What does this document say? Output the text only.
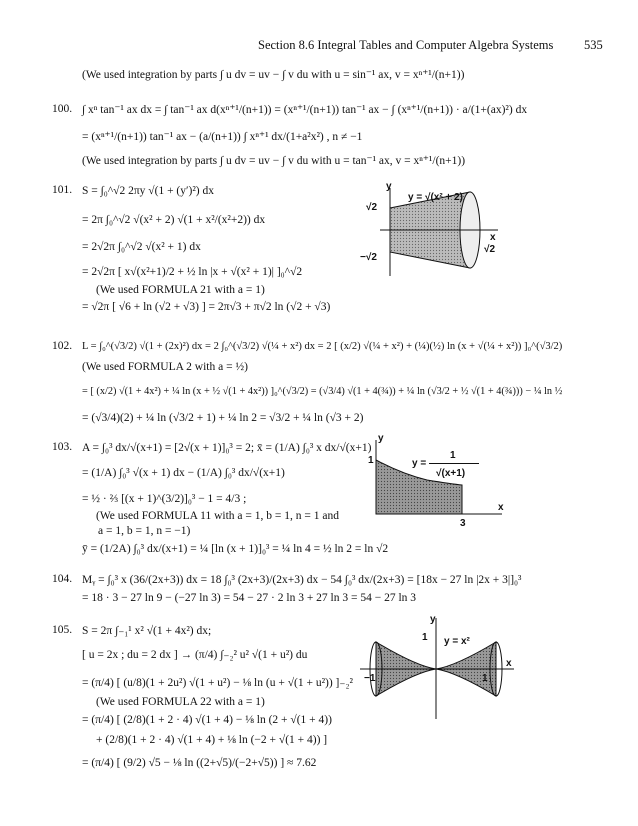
Section 8.6 Integral Tables and Computer Algebra Systems 535
(We used integration by parts ∫ u dv = uv − ∫ v du with u = sin⁻¹ ax, v = xⁿ⁺¹/(n+1))
100. ∫ xⁿ tan⁻¹ ax dx = ∫ tan⁻¹ ax d(xⁿ⁺¹/(n+1)) = (xⁿ⁺¹/(n+1)) tan⁻¹ ax − ∫ (xⁿ⁺¹/(n+1)) · a/(1+(ax)²) dx
= (xⁿ⁺¹/(n+1)) tan⁻¹ ax − (a/(n+1)) ∫ xⁿ⁺¹ dx/(1+a²x²) , n ≠ −1
(We used integration by parts ∫ u dv = uv − ∫ v du with u = tan⁻¹ ax, v = xⁿ⁺¹/(n+1))
101. S = ∫₀^√2 2πy √(1 + (y′)²) dx
= 2π ∫₀^√2 √(x² + 2) √(1 + x²/(x²+2)) dx
= 2√2π ∫₀^√2 √(x² + 1) dx
= 2√2π [ x√(x²+1)/2 + ½ ln |x + √(x² + 1)| ]₀^√2
(We used FORMULA 21 with a = 1)
= √2π [ √6 + ln (√2 + √3) ] = 2π√3 + π√2 ln (√2 + √3)
y
x
y = √(x² + 2)
√2
−√2
√2
102. L = ∫₀^(√3/2) √(1 + (2x)²) dx = 2 ∫₀^(√3/2) √(¼ + x²) dx = 2 [ (x/2) √(¼ + x²) + (¼)(½) ln (x + √(¼ + x²)) ]₀^(√3/2)
(We used FORMULA 2 with a = ½)
= [ (x/2) √(1 + 4x²) + ¼ ln (x + ½ √(1 + 4x²)) ]₀^(√3/2) = (√3/4) √(1 + 4(¾)) + ¼ ln (√3/2 + ½ √(1 + 4(¾))) − ¼ ln ½
= (√3/4)(2) + ¼ ln (√3/2 + 1) + ¼ ln 2 = √3/2 + ¼ ln (√3 + 2)
103. A = ∫₀³ dx/√(x+1) = [2√(x + 1)]₀³ = 2; x̄ = (1/A) ∫₀³ x dx/√(x+1)
= (1/A) ∫₀³ √(x + 1) dx − (1/A) ∫₀³ dx/√(x+1)
= ½ · ⅔ [(x + 1)^(3/2)]₀³ − 1 = 4/3 ;
(We used FORMULA 11 with a = 1, b = 1, n = 1 and
a = 1, b = 1, n = −1)
ȳ = (1/2A) ∫₀³ dx/(x+1) = ¼ [ln (x + 1)]₀³ = ¼ ln 4 = ½ ln 2 = ln √2
y
x
1
3
1
y = ―――――
√(x+1)
104. Mᵧ = ∫₀³ x (36/(2x+3)) dx = 18 ∫₀³ (2x+3)/(2x+3) dx − 54 ∫₀³ dx/(2x+3) = [18x − 27 ln |2x + 3|]₀³
= 18 · 3 − 27 ln 9 − (−27 ln 3) = 54 − 27 · 2 ln 3 + 27 ln 3 = 54 − 27 ln 3
105. S = 2π ∫₋₁¹ x² √(1 + 4x²) dx;
[ u = 2x ; du = 2 dx ] → (π/4) ∫₋₂² u² √(1 + u²) du
= (π/4) [ (u/8)(1 + 2u²) √(1 + u²) − ⅛ ln (u + √(1 + u²)) ]₋₂²
(We used FORMULA 22 with a = 1)
= (π/4) [ (2/8)(1 + 2 · 4) √(1 + 4) − ⅛ ln (2 + √(1 + 4))
+ (2/8)(1 + 2 · 4) √(1 + 4) + ⅛ ln (−2 + √(1 + 4)) ]
= (π/4) [ (9/2) √5 − ⅛ ln ((2+√5)/(−2+√5)) ] ≈ 7.62
y
x
1
−1	1
y = x²
